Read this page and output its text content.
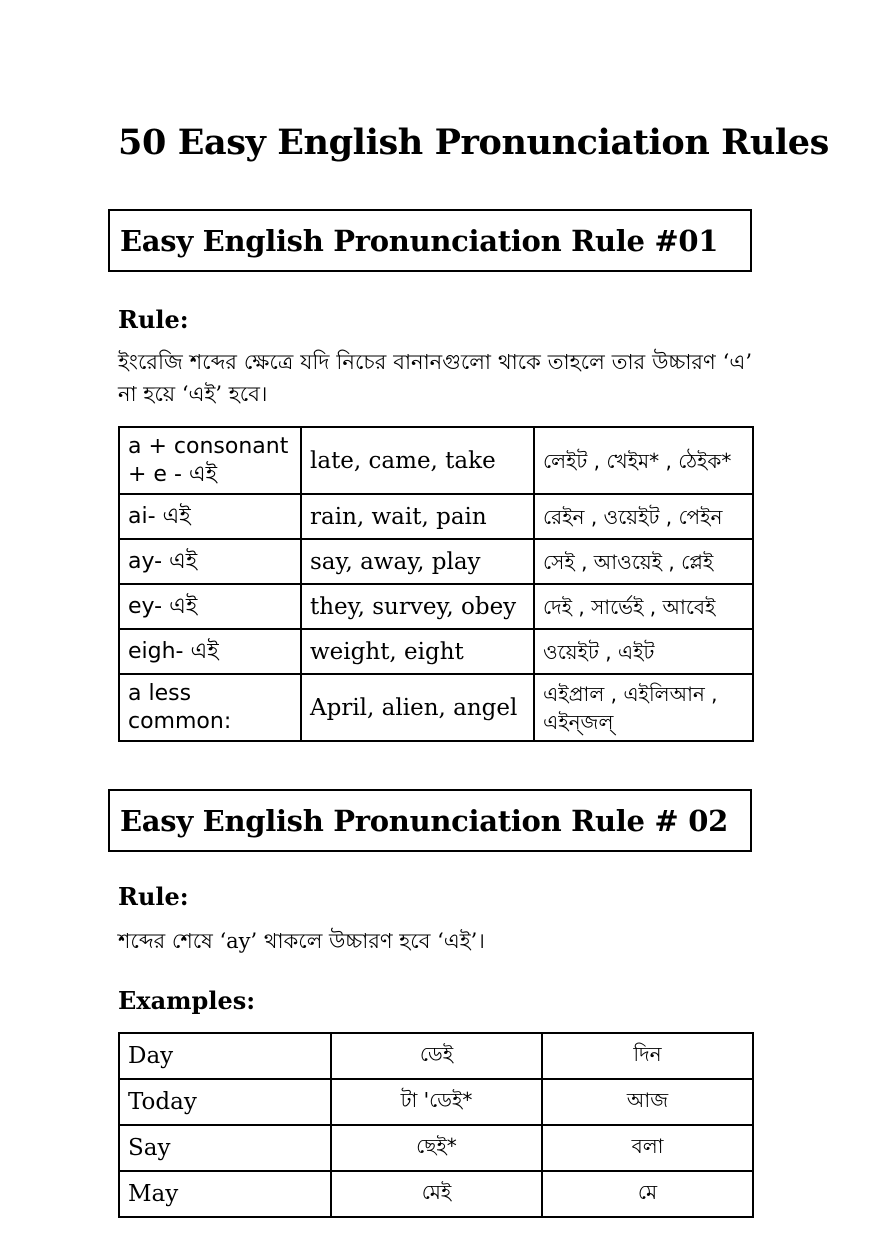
50 Easy English Pronunciation Rules
Easy English Pronunciation Rule #01
Rule:
ইংরেজি শব্দের ক্ষেত্রে যদি নিচের বানানগুলো থাকে তাহলে তার উচ্চারণ ‘এ’ না হয়ে ‘এই’ হবে।
a + consonant + e - এই	late, came, take	লেইট , খেইম* , ঠেইক*
ai- এই	rain, wait, pain	রেইন , ওয়েইট , পেইন
ay- এই	say, away, play	সেই , আওয়েই , প্লেই
ey- এই	they, survey, obey	দেই , সার্ভেই , আবেই
eigh- এই	weight, eight	ওয়েইট , এইট
a less common:	April, alien, angel	এইপ্রাল , এইলিআন , এইন্জল্
Easy English Pronunciation Rule # 02
Rule:
শব্দের শেষে ‘ay’ থাকলে উচ্চারণ হবে ‘এই’।
Examples:
Day	ডেই	দিন
Today	টা 'ডেই*	আজ
Say	ছেই*	বলা
May	মেই	মে
